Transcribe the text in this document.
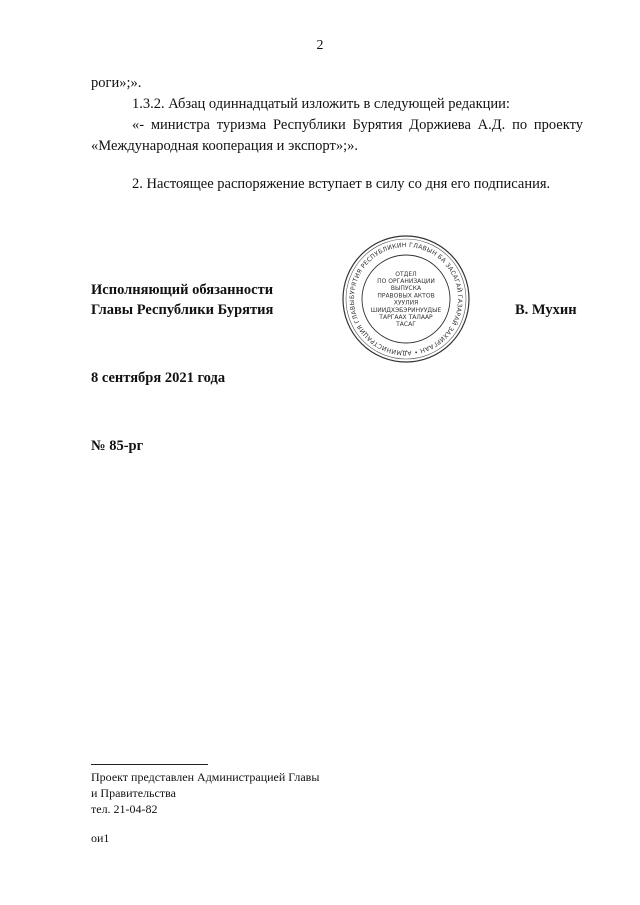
2
роги»;».
1.3.2. Абзац одиннадцатый изложить в следующей редакции:
«- министра туризма Республики Бурятия Доржиева А.Д. по проекту
«Международная кооперация и экспорт»;».
2. Настоящее распоряжение вступает в силу со дня его подписания.
Исполняющий обязанности
Главы Республики Бурятия
БУРЯТИЯ РЕСПУБЛИКИН ГЛАВЫН БА ЗАСАГАЙ ГАЗАРАЙ ЗАХИРГААН • АДМИНИСТРАЦИЯ ГЛАВЫ
ОТДЕЛ
ПО ОРГАНИЗАЦИИ
ВЫПУСКА
ПРАВОВЫХ АКТОВ
ХУУЛИЯ
ШИИДХЭБЭРИНУУДЫЕ
ТАРГААХ ТАЛААР
ТАСАГ
В. Мухин
8 сентября 2021 года
№ 85-рг
Проект представлен Администрацией Главы
и Правительства
тел. 21-04-82
ои1
